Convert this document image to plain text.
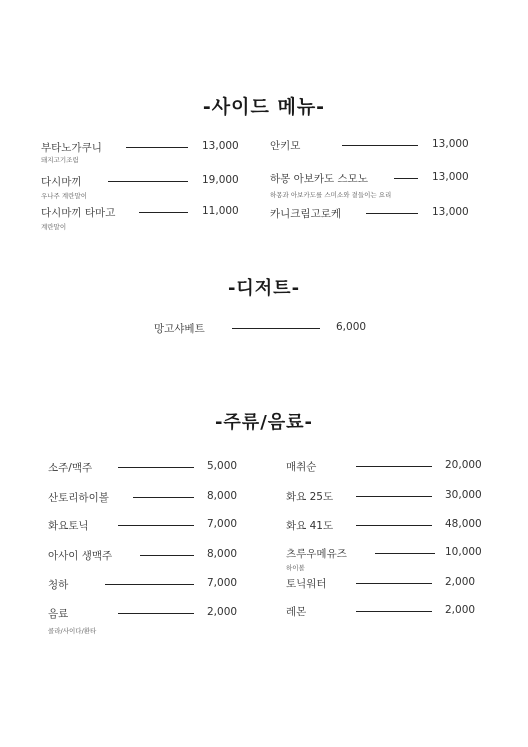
-사이드 메뉴-
부타노가쿠니	13,000
돼지고기조림
다시마끼	19,000
우나주 계란말이
다시마끼 타마고	11,000
계란말이
안키모	13,000
하몽 아보카도 스모노	13,000
하몽과 아보카도를 스미소와 곁들이는 요리
카니크림고로케	13,000
-디저트-
망고샤베트	6,000
-주류/음료-
소주/맥주	5,000
산토리하이볼	8,000
화요토닉	7,000
아사이 생맥주	8,000
청하	7,000
음료	2,000
콜라/사이다/환타
매취순	20,000
화요 25도	30,000
화요 41도	48,000
츠루우메유즈	10,000
하이볼
토닉워터	2,000
레몬	2,000
